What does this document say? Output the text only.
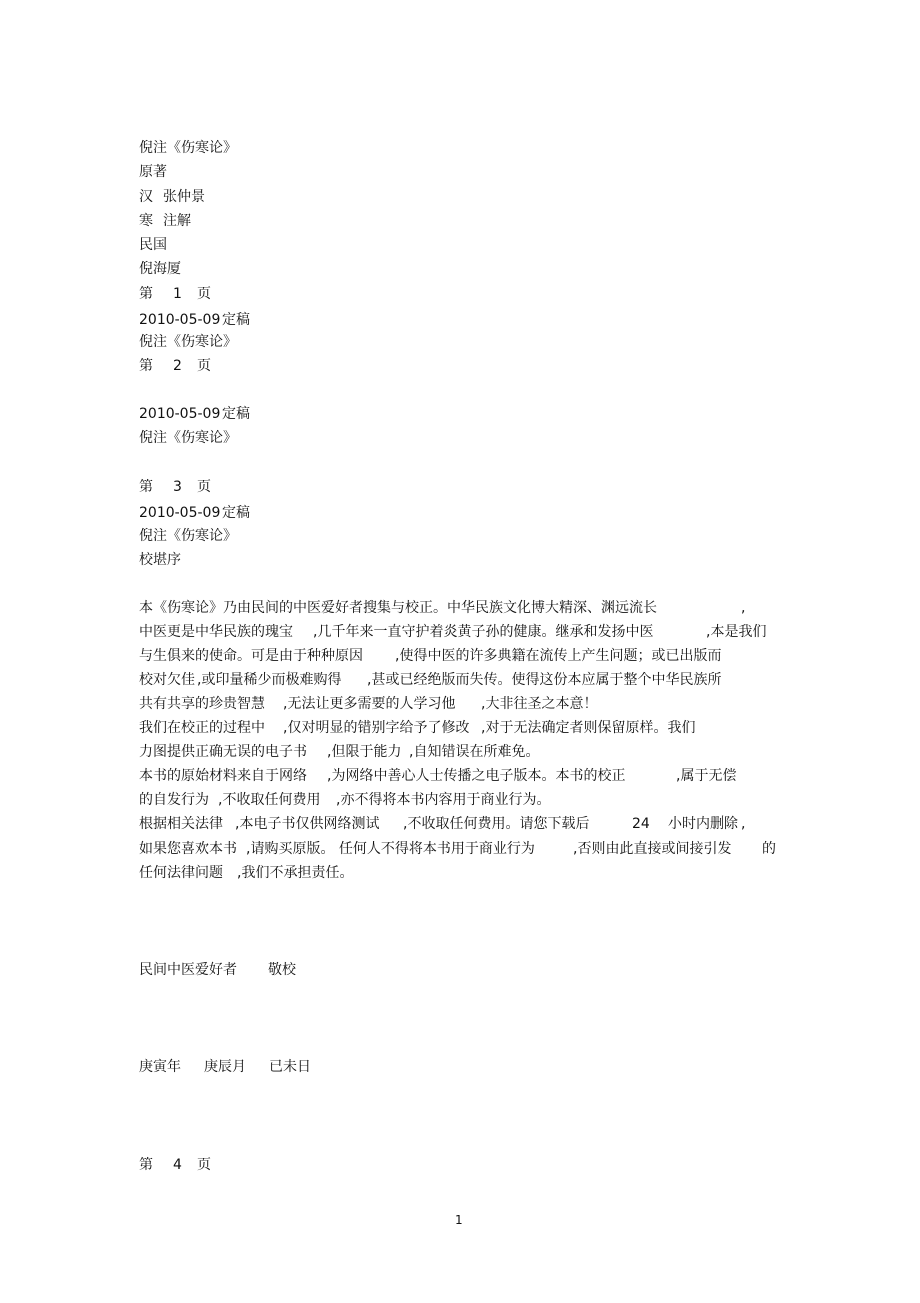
倪注《伤寒论》
原著
汉 张仲景
寒 注解
民国
倪海厦
第 1 页
2010-05-09 定稿
倪注《伤寒论》
第 2 页
2010-05-09 定稿
倪注《伤寒论》
第 3 页
2010-05-09 定稿
倪注《伤寒论》
校堪序
本《伤寒论》乃由民间的中医爱好者搜集与校正。中华民族文化博大精深、渊远流长	,
中医更是中华民族的瑰宝 ,几千年来一直守护着炎黄子孙的健康。继承和发扬中医	,本是我们
与生俱来的使命。可是由于种种原因 ,使得中医的许多典籍在流传上产生问题；或已出版而
校对欠佳 ,或印量稀少而极难购得 ,甚或已经绝版而失传。使得这份本应属于整个中华民族所
共有共享的珍贵智慧 ,无法让更多需要的人学习他 ,大非往圣之本意！
我们在校正的过程中 ,仅对明显的错别字给予了修改 ,对于无法确定者则保留原样。我们
力图提供正确无误的电子书 ,但限于能力 ,自知错误在所难免。
本书的原始材料来自于网络 ,为网络中善心人士传播之电子版本。本书的校正	,属于无偿
的自发行为 ,不收取任何费用 ,亦不得将本书内容用于商业行为。
根据相关法律 ,本电子书仅供网络测试 ,不收取任何费用。请您下载后	24 小时内删除 ,
如果您喜欢本书 ,请购买原版。 任何人不得将本书用于商业行为	,否则由此直接或间接引发 的
任何法律问题 ,我们不承担责任。
民间中医爱好者 敬校
庚寅年 庚辰月 已未日
第 4 页
1
